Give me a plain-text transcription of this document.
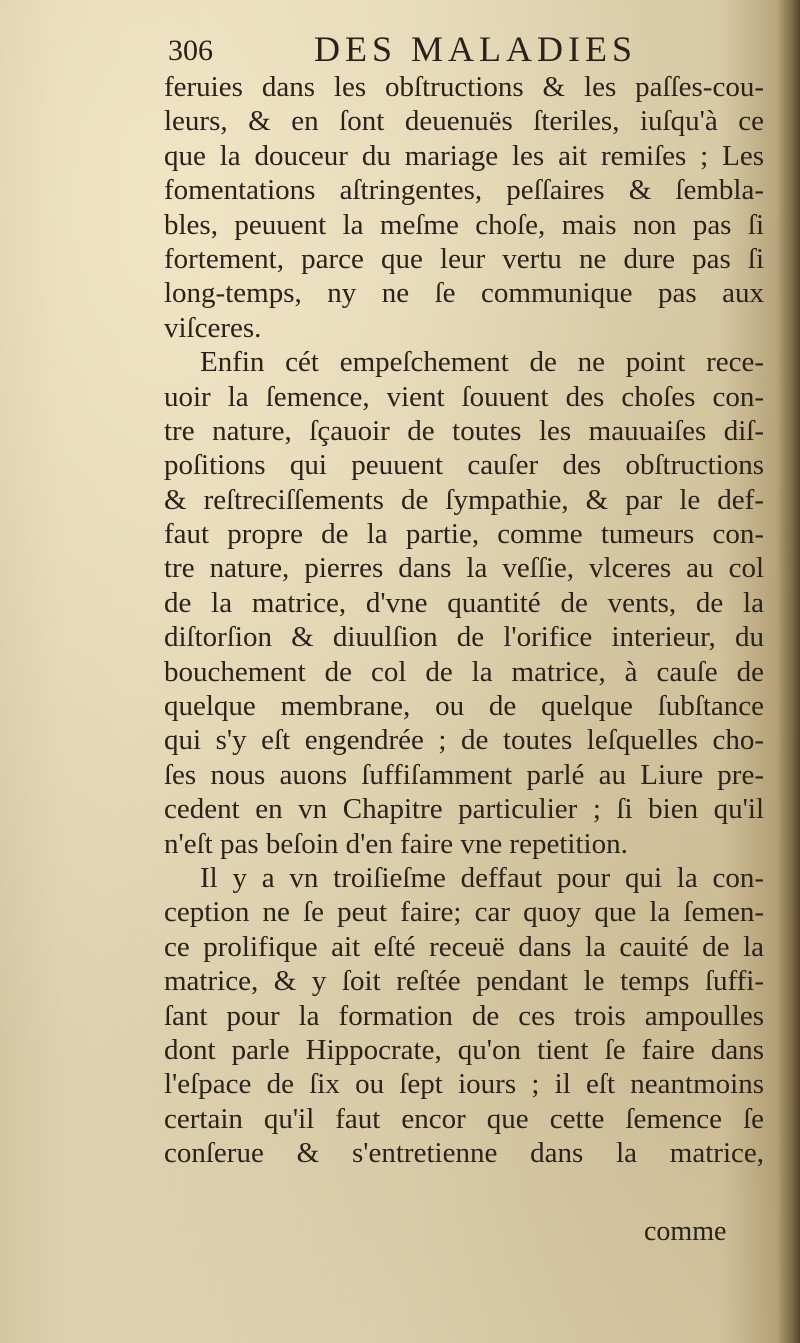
306	DES MALADIES
feruies dans les obſtructions & les paſſes-cou-
leurs, & en ſont deuenuës ſteriles, iuſqu'à ce
que la douceur du mariage les ait remiſes ; Les
fomentations aſtringentes, peſſaires & ſembla-
bles, peuuent la meſme choſe, mais non pas ſi
fortement, parce que leur vertu ne dure pas ſi
long-temps, ny ne ſe communique pas aux
viſceres.
Enfin cét empeſchement de ne point rece-
uoir la ſemence, vient ſouuent des choſes con-
tre nature, ſçauoir de toutes les mauuaiſes diſ-
poſitions qui peuuent cauſer des obſtructions
& reſtreciſſements de ſympathie, & par le def-
faut propre de la partie, comme tumeurs con-
tre nature, pierres dans la veſſie, vlceres au col
de la matrice, d'vne quantité de vents, de la
diſtorſion & diuulſion de l'orifice interieur, du
bouchement de col de la matrice, à cauſe de
quelque membrane, ou de quelque ſubſtance
qui s'y eſt engendrée ; de toutes leſquelles cho-
ſes nous auons ſuffiſamment parlé au Liure pre-
cedent en vn Chapitre particulier ; ſi bien qu'il
n'eſt pas beſoin d'en faire vne repetition.
Il y a vn troiſieſme deffaut pour qui la con-
ception ne ſe peut faire; car quoy que la ſemen-
ce prolifique ait eſté receuë dans la cauité de la
matrice, & y ſoit reſtée pendant le temps ſuffi-
ſant pour la formation de ces trois ampoulles
dont parle Hippocrate, qu'on tient ſe faire dans
l'eſpace de ſix ou ſept iours ; il eſt neantmoins
certain qu'il faut encor que cette ſemence ſe
conſerue & s'entretienne dans la matrice,
comme
